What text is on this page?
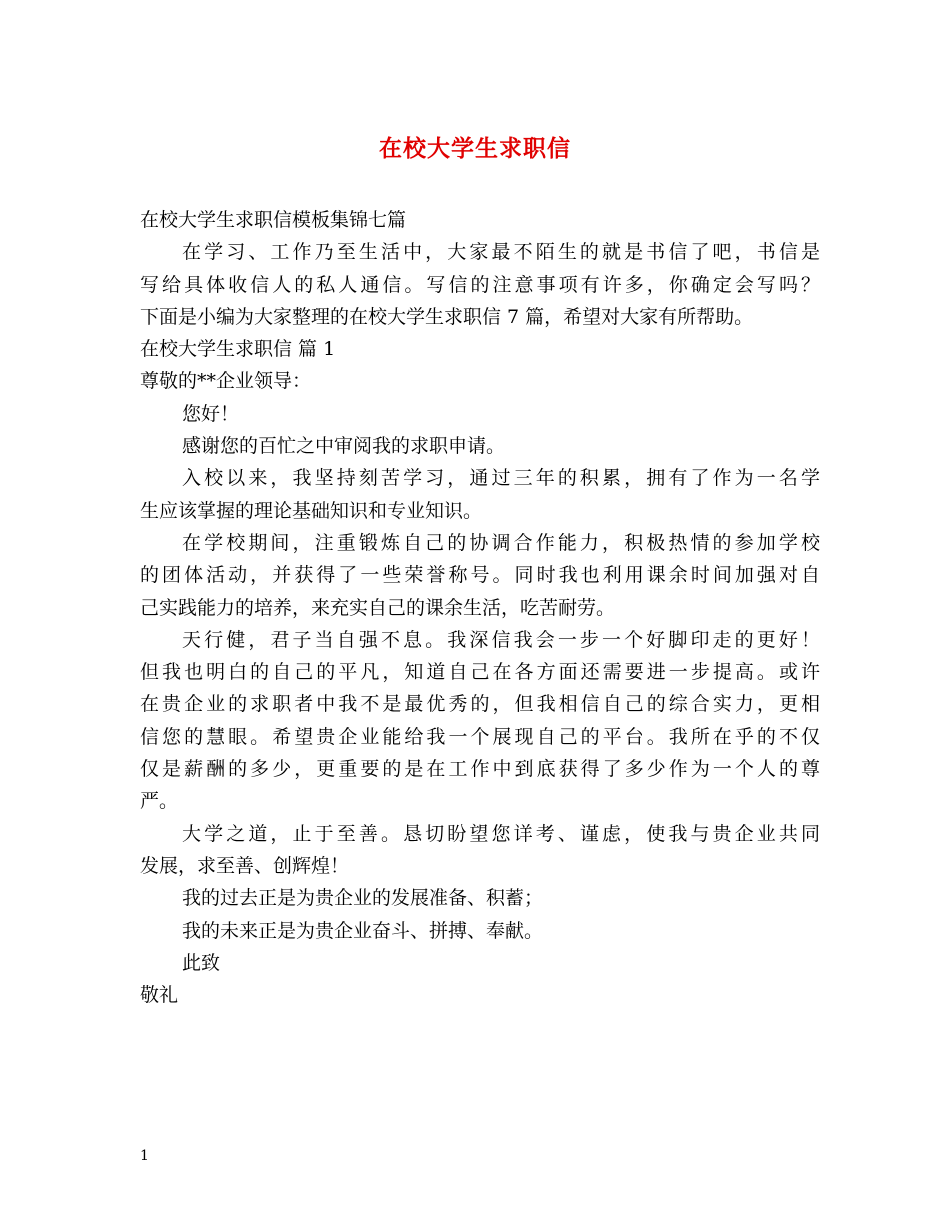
在校大学生求职信
在校大学生求职信模板集锦七篇
在学习、工作乃至生活中，大家最不陌生的就是书信了吧，书信是
写给具体收信人的私人通信。写信的注意事项有许多，你确定会写吗？
下面是小编为大家整理的在校大学生求职信 7 篇，希望对大家有所帮助。
在校大学生求职信 篇 1
尊敬的**企业领导：
您好！
感谢您的百忙之中审阅我的求职申请。
入校以来，我坚持刻苦学习，通过三年的积累，拥有了作为一名学
生应该掌握的理论基础知识和专业知识。
在学校期间，注重锻炼自己的协调合作能力，积极热情的参加学校
的团体活动，并获得了一些荣誉称号。同时我也利用课余时间加强对自
己实践能力的培养，来充实自己的课余生活，吃苦耐劳。
天行健，君子当自强不息。我深信我会一步一个好脚印走的更好！
但我也明白的自己的平凡，知道自己在各方面还需要进一步提高。或许
在贵企业的求职者中我不是最优秀的，但我相信自己的综合实力，更相
信您的慧眼。希望贵企业能给我一个展现自己的平台。我所在乎的不仅
仅是薪酬的多少，更重要的是在工作中到底获得了多少作为一个人的尊
严。
大学之道，止于至善。恳切盼望您详考、谨虑，使我与贵企业共同
发展，求至善、创辉煌！
我的过去正是为贵企业的发展准备、积蓄；
我的未来正是为贵企业奋斗、拼搏、奉献。
此致
敬礼
1
